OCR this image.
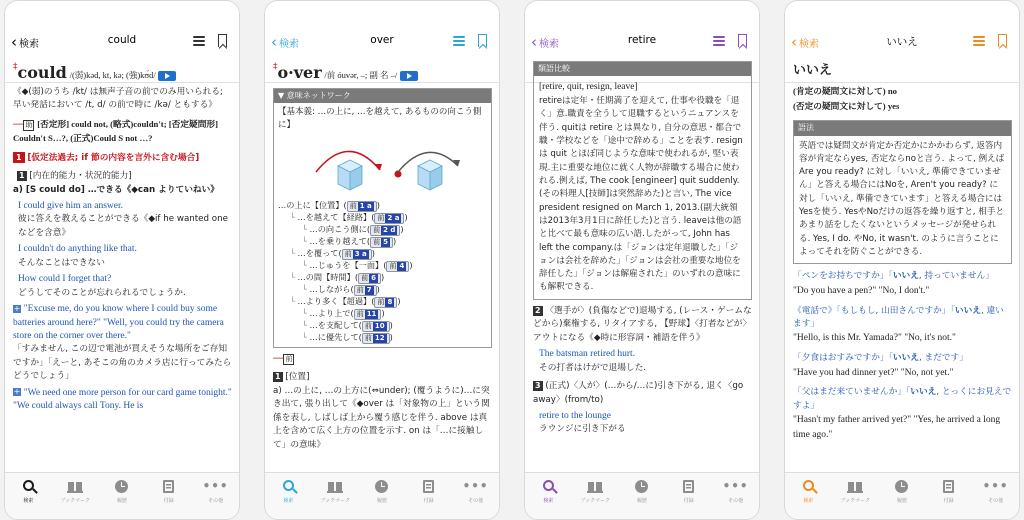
‹ 検索	could
‡could /(弱)kəd, kt, kə; (強)kʊ́d/
《◆(弱)のうち /kt/ は無声子音の前でのみ用いられる; 早い発話において /t, d/ の前で時に /kə/ ともする》
── 助 [否定形] could not, (略式)couldn't; [否定疑問形] Couldn't S…?, (正式)Could S not …?
1 [仮定法過去; if 節の内容を言外に含む場合]
1 [内在的能力・状況的能力]
a) [S could do] …できる《◆can よりていねい》
I could give him an answer.
彼に答えを教えることができる《◆if he wanted one などを含意》
I couldn't do anything like that.
そんなことはできない
How could I forget that?
どうしてそのことが忘れられるでしょうか.
+ "Excuse me, do you know where I could buy some batteries around here?" "Well, you could try the camera store on the corner over there."
「すみません, この辺で電池が買えそうな場所をご存知ですか」「えーと, あそこの角のカメラ店に行ってみたらどうでしょう」
+ "We need one more person for our card game tonight." "We could always call Tony. He is
検索	ブックマーク	履歴	付録
•••
その他
‹ 検索	over
‡o·ver /前 óuvər, ‒; 副 名 ‒/
▼ 意味ネットワーク
【基本義: …の上に, …を越えて, あるものの向こう側に】
…の上に【位置】( 前 1 a )
└ …を越えて【経路】( 前 2 a )
└ …の向こう側に( 前 2 d )
└ …を乗り越えて( 前 5 )
└ …を覆って( 前 3 a )
└ …じゅうを【一面】( 前 4 )
└ …の間【時間】( 前 6 )
└ …しながら( 前 7 )
└ …より多く【超過】( 前 8 )
└ …より上で( 前 11 )
└ …を支配して( 前 10 )
└ …に優先して( 前 12 )
── 前
1 [位置]
a) …の上に, …の上方に(⇔under); (覆うように)…に突き出て, 張り出して《◆over は「対象物の上」という関係を表し, しばしば上から覆う感じを伴う. above は真上を含めて広く上方の位置を示す. on は「…に接触して」の意味》
検索	ブックマーク	履歴	付録
•••
その他
‹ 検索	retire
類語比較
[retire, quit, resign, leave]
retireは定年・任期満了を迎えて, 仕事や役職を「退く」意.職責を全うして退職するというニュアンスを伴う. quitは retire とは異なり, 自分の意思・都合で職・学校などを「途中で辞める」ことを表す. resignは quit とほぼ同じような意味で使われるが, 堅い表現.主に重要な地位に就く人物が辞職する場合に使われる.例えば, The cook [engineer] quit suddenly.(その料理人[技師]は突然辞めた)と言い, The vice president resigned on March 1, 2013.(副大統領は2013年3月1日に辞任した)と言う. leaveは他の語と比べて最も意味の広い語.したがって, John has left the company.は「ジョンは定年退職した」「ジョンは会社を辞めた」「ジョンは会社の重要な地位を辞任した」「ジョンは解雇された」のいずれの意味にも解釈できる.
2 〈選手が〉(負傷などで)退場する, (レース・ゲームなどから)棄権する, リタイアする, 【野球】〈打者などが〉アウトになる《◆時に形容詞・補語を伴う》
The batsman retired hurt.
その打者はけがで退場した.
3 (正式)〈人が〉(…から/…に)引き下がる, 退く〈go away〉(from/to)
retire to the lounge
ラウンジに引き下がる
検索	ブックマーク	履歴	付録
•••
その他
‹ 検索	いいえ
いいえ
(肯定の疑問文に対して) no
(否定の疑問文に対して) yes
語法
英語では疑問文が肯定か否定かにかかわらず, 返答内容が肯定ならyes, 否定ならnoと言う. よって, 例えばAre you ready? に対し「いいえ, 準備できていません」と答える場合にはNoを, Aren't you ready? に対し「いいえ, 準備できています」と答える場合にはYesを使う. YesやNoだけの返答を繰り返すと, 相手とあまり話をしたくないというメッセージが発せられる. Yes, I do. やNo, it wasn't. のように言うことによってそれを防ぐことができる.
「ペンをお持ちですか」「いいえ, 持っていません」
"Do you have a pen?" "No, I don't."
《電話で》「もしもし, 山田さんですか」「いいえ, 違います」
"Hello, is this Mr. Yamada?" "No, it's not."
「夕食はおすみですか」「いいえ, まだです」
"Have you had dinner yet?" "No, not yet."
「父はまだ来ていませんか」「いいえ, とっくにお見えですよ」
"Hasn't my father arrived yet?" "Yes, he arrived a long time ago."
検索	ブックマーク	履歴	付録
•••
その他
